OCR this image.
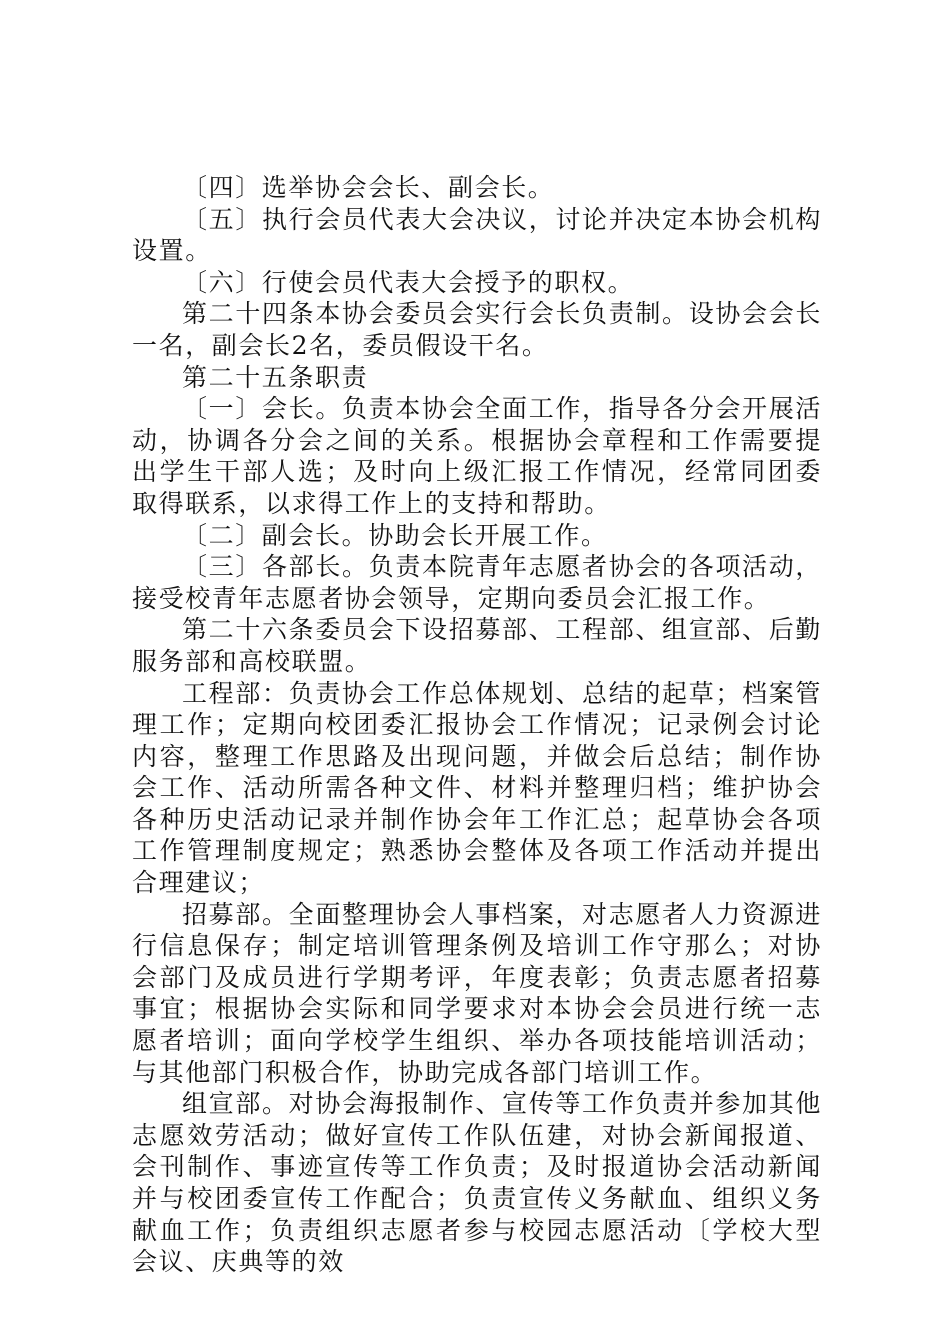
〔四〕选举协会会长、副会长。

〔五〕执行会员代表大会决议，讨论并决定本协会机构设置。

〔六〕行使会员代表大会授予的职权。

第二十四条本协会委员会实行会长负责制。设协会会长一名，副会长2名，委员假设干名。

第二十五条职责

〔一〕会长。负责本协会全面工作，指导各分会开展活动，协调各分会之间的关系。根据协会章程和工作需要提出学生干部人选；及时向上级汇报工作情况，经常同团委取得联系，以求得工作上的支持和帮助。

〔二〕副会长。协助会长开展工作。

〔三〕各部长。负责本院青年志愿者协会的各项活动，接受校青年志愿者协会领导，定期向委员会汇报工作。

第二十六条委员会下设招募部、工程部、组宣部、后勤服务部和高校联盟。

工程部：负责协会工作总体规划、总结的起草；档案管理工作；定期向校团委汇报协会工作情况；记录例会讨论内容，整理工作思路及出现问题，并做会后总结；制作协会工作、活动所需各种文件、材料并整理归档；维护协会各种历史活动记录并制作协会年工作汇总；起草协会各项工作管理制度规定；熟悉协会整体及各项工作活动并提出合理建议；

招募部。全面整理协会人事档案，对志愿者人力资源进行信息保存；制定培训管理条例及培训工作守那么；对协会部门及成员进行学期考评，年度表彰；负责志愿者招募事宜；根据协会实际和同学要求对本协会会员进行统一志愿者培训；面向学校学生组织、举办各项技能培训活动；与其他部门积极合作，协助完成各部门培训工作。

组宣部。对协会海报制作、宣传等工作负责并参加其他志愿效劳活动；做好宣传工作队伍建，对协会新闻报道、会刊制作、事迹宣传等工作负责；及时报道协会活动新闻并与校团委宣传工作配合；负责宣传义务献血、组织义务献血工作；负责组织志愿者参与校园志愿活动〔学校大型会议、庆典等的效
